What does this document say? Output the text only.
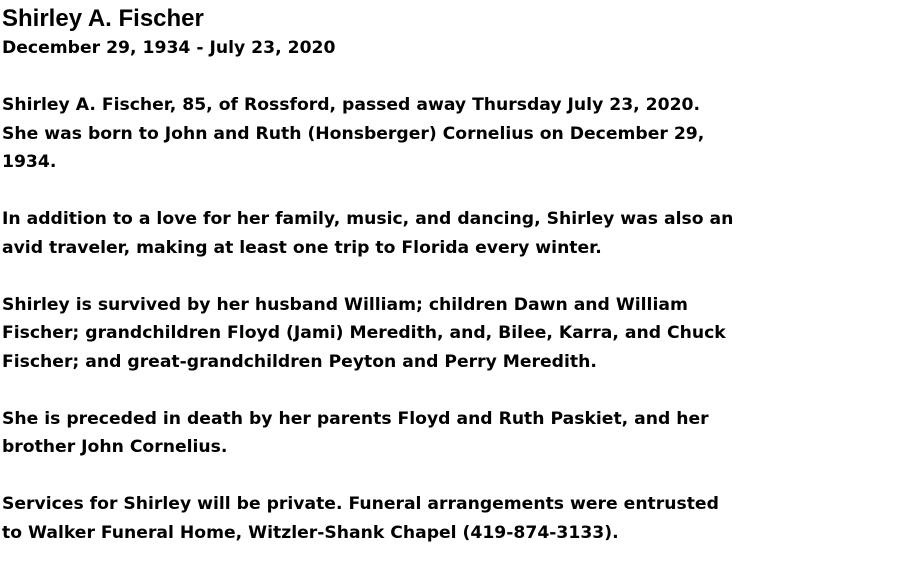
Shirley A. Fischer
December 29, 1934 - July 23, 2020

Shirley A. Fischer, 85, of Rossford, passed away Thursday July 23, 2020.
She was born to John and Ruth (Honsberger) Cornelius on December 29,
1934.

In addition to a love for her family, music, and dancing, Shirley was also an
avid traveler, making at least one trip to Florida every winter.

Shirley is survived by her husband William; children Dawn and William
Fischer; grandchildren Floyd (Jami) Meredith, and, Bilee, Karra, and Chuck
Fischer; and great-grandchildren Peyton and Perry Meredith.

She is preceded in death by her parents Floyd and Ruth Paskiet, and her
brother John Cornelius.

Services for Shirley will be private. Funeral arrangements were entrusted
to Walker Funeral Home, Witzler-Shank Chapel (419-874-3133).
